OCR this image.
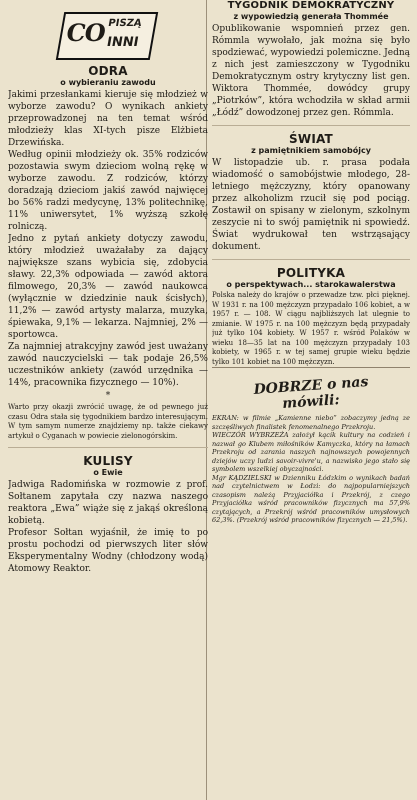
CO PISZĄ
INNI
ODRA
o wybieraniu zawodu

Jakimi przesłankami kieruje się młodzież w wyborze zawodu? O wynikach ankiety przeprowadzonej na ten temat wśród młodzieży klas XI-tych pisze Elżbieta Drzewińska.

Według opinii młodzieży ok. 35% rodziców pozostawia swym dzieciom wolną rękę w wyborze zawodu. Z rodziców, którzy doradzają dzieciom jakiś zawód najwięcej bo 56% radzi medycynę, 13% politechnikę, 11% uniwersytet, 1% wyższą szkołę rolniczą.

Jedno z pytań ankiety dotyczy zawodu, który młodzież uważałaby za dający największe szans wybicia się, zdobycia sławy. 22,3% odpowiada — zawód aktora filmowego, 20,3% — zawód naukowca (wyłącznie w dziedzinie nauk ścisłych), 11,2% — zawód artysty malarza, muzyka, śpiewaka, 9,1% — lekarza. Najmniej, 2% — sportowca.

Za najmniej atrakcyjny zawód jest uważany zawód nauczycielski — tak podaje 26,5% uczestników ankiety (zawód urzędnika — 14%, pracownika fizycznego — 10%).

*

Warto przy okazji zwrócić uwagę, że od pewnego już czasu Odra stała się tygodnikiem bardzo interesującym. W tym samym numerze znajdziemy np. także ciekawy artykuł o Cyganach w powiecie zielonogórskim.

KULISY
o Ewie

Jadwiga Radomińska w rozmowie z prof. Sołtanem zapytała czy nazwa naszego reaktora „Ewa” wiąże się z jakąś określoną kobietą.

Profesor Sołtan wyjaśnił, że imię to po prostu pochodzi od pierwszych liter słów Eksperymentalny Wodny (chłodzony wodą) Atomowy Reaktor.

TYGODNIK DEMOKRATYCZNY
z wypowiedzią generała Thommée

Opublikowanie wspomnień przez gen. Rómmla wywołało, jak można się było spodziewać, wypowiedzi polemiczne. Jedną z nich jest zamieszczony w Tygodniku Demokratycznym ostry krytyczny list gen. Wiktora Thommée, dowódcy grupy „Piotrków”, która wchodziła w skład armii „Łódź” dowodzonej przez gen. Rómmla.

ŚWIAT
z pamiętnikiem samobójcy

W listopadzie ub. r. prasa podała wiadomość o samobójstwie młodego, 28-letniego mężczyzny, który opanowany przez alkoholizm rzucił się pod pociąg. Zostawił on spisany w zielonym, szkolnym zeszycie ni to swój pamiętnik ni spowiedź. Świat wydrukował ten wstrząsający dokument.

POLITYKA
o perspektywach... starokawalerstwa

Polska należy do krajów o przewadze tzw. płci pięknej. W 1931 r. na 100 mężczyzn przypadało 106 kobiet, a w 1957 r. — 108. W ciągu najbliższych lat ulegnie to zmianie. W 1975 r. na 100 mężczyzn będą przypadały już tylko 104 kobiety. W 1957 r. wśród Polaków w wieku 18—35 lat na 100 mężczyzn przypadały 103 kobiety, w 1965 r. w tej samej grupie wieku będzie tylko 101 kobiet na 100 mężczyzn.

DOBRZE o nas
mówili:

EKRAN: w filmie „Kamienne niebo” zobaczymy jedną ze szczęśliwych finalistek fenomenalnego Przekroju.

WIECZÓR WYBRZEŻA założył kącik kultury na codzień i nazwał go Klubem miłośników Kamyczka, który na łamach Przekroju od zarania naszych najnowszych powojennych dziejów uczy ludzi savoir-vivre'u, a nazwisko jego stało się symbolem wszelkiej obyczajności.

Mgr KĄDZIELSKI w Dzienniku Łódzkim o wynikach badań nad czytelnictwem w Łodzi: do najpopularniejszych czasopism należą Przyjaciółka i Przekrój, z czego Przyjaciółka wśród pracowników fizycznych ma 57,9% czytających, a Przekrój wśród pracowników umysłowych 62,3%. (Przekrój wśród pracowników fizycznych — 21,5%).
